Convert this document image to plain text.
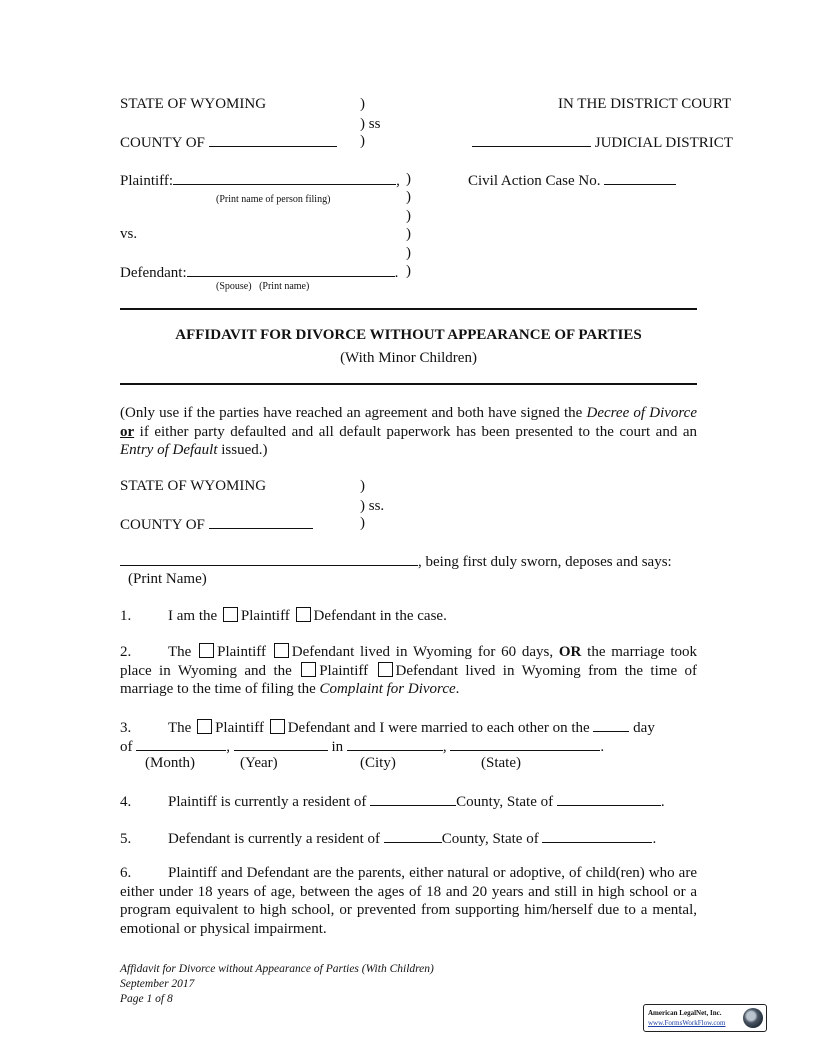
STATE OF WYOMING	)
) ss
IN THE DISTRICT COURT
COUNTY OF	)	JUDICIAL DISTRICT
Plaintiff:	,
(Print name of person filing)
Civil Action Case No.
)
)
)
)
)
)
vs.
Defendant:	.
(Spouse) (Print name)
AFFIDAVIT FOR DIVORCE WITHOUT APPEARANCE OF PARTIES
(With Minor Children)
(Only use if the parties have reached an agreement and both have signed the Decree of Divorce or if either party defaulted and all default paperwork has been presented to the court and an Entry of Default issued.)
STATE OF WYOMING	)
) ss.
COUNTY OF	)
, being first duly sworn, deposes and says:
(Print Name)
1. I am the Plaintiff Defendant in the case.
2. The Plaintiff Defendant lived in Wyoming for 60 days, OR the marriage took place in Wyoming and the Plaintiff Defendant lived in Wyoming from the time of marriage to the time of filing the Complaint for Divorce.
3. The Plaintiff Defendant and I were married to each other on the	day
of	,	in	,	.
(Month)	(Year)	(City)	(State)
4. Plaintiff is currently a resident of	County, State of	.
5. Defendant is currently a resident of	County, State of	.
6. Plaintiff and Defendant are the parents, either natural or adoptive, of child(ren) who are either under 18 years of age, between the ages of 18 and 20 years and still in high school or a program equivalent to high school, or prevented from supporting him/herself due to a mental, emotional or physical impairment.
Affidavit for Divorce without Appearance of Parties (With Children)
September 2017
Page 1 of 8
American LegalNet, Inc.
www.FormsWorkFlow.com
